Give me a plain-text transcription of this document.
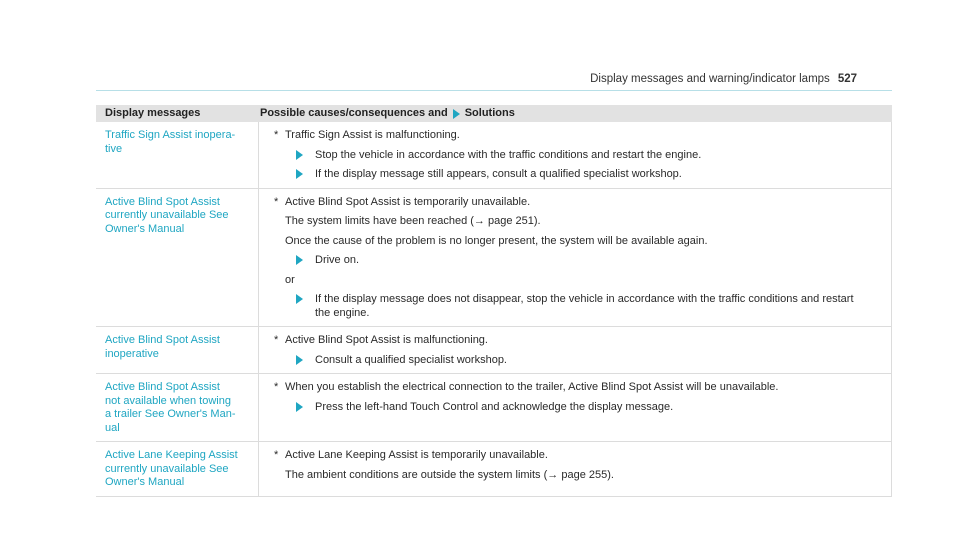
Display messages and warning/indicator lamps 527
Display messages	Possible causes/consequences and Solutions
Traffic Sign Assist inopera-
tive
* Traffic Sign Assist is malfunctioning.
Stop the vehicle in accordance with the traffic conditions and restart the engine.
If the display message still appears, consult a qualified specialist workshop.
Active Blind Spot Assist
currently unavailable See
Owner's Manual
* Active Blind Spot Assist is temporarily unavailable.
The system limits have been reached (→ page 251).
Once the cause of the problem is no longer present, the system will be available again.
Drive on.
or
If the display message does not disappear, stop the vehicle in accordance with the traffic conditions and restart
the engine.
Active Blind Spot Assist
inoperative
* Active Blind Spot Assist is malfunctioning.
Consult a qualified specialist workshop.
Active Blind Spot Assist
not available when towing
a trailer See Owner's Man-
ual
* When you establish the electrical connection to the trailer, Active Blind Spot Assist will be unavailable.
Press the left-hand Touch Control and acknowledge the display message.
Active Lane Keeping Assist
currently unavailable See
Owner's Manual
* Active Lane Keeping Assist is temporarily unavailable.
The ambient conditions are outside the system limits (→ page 255).
